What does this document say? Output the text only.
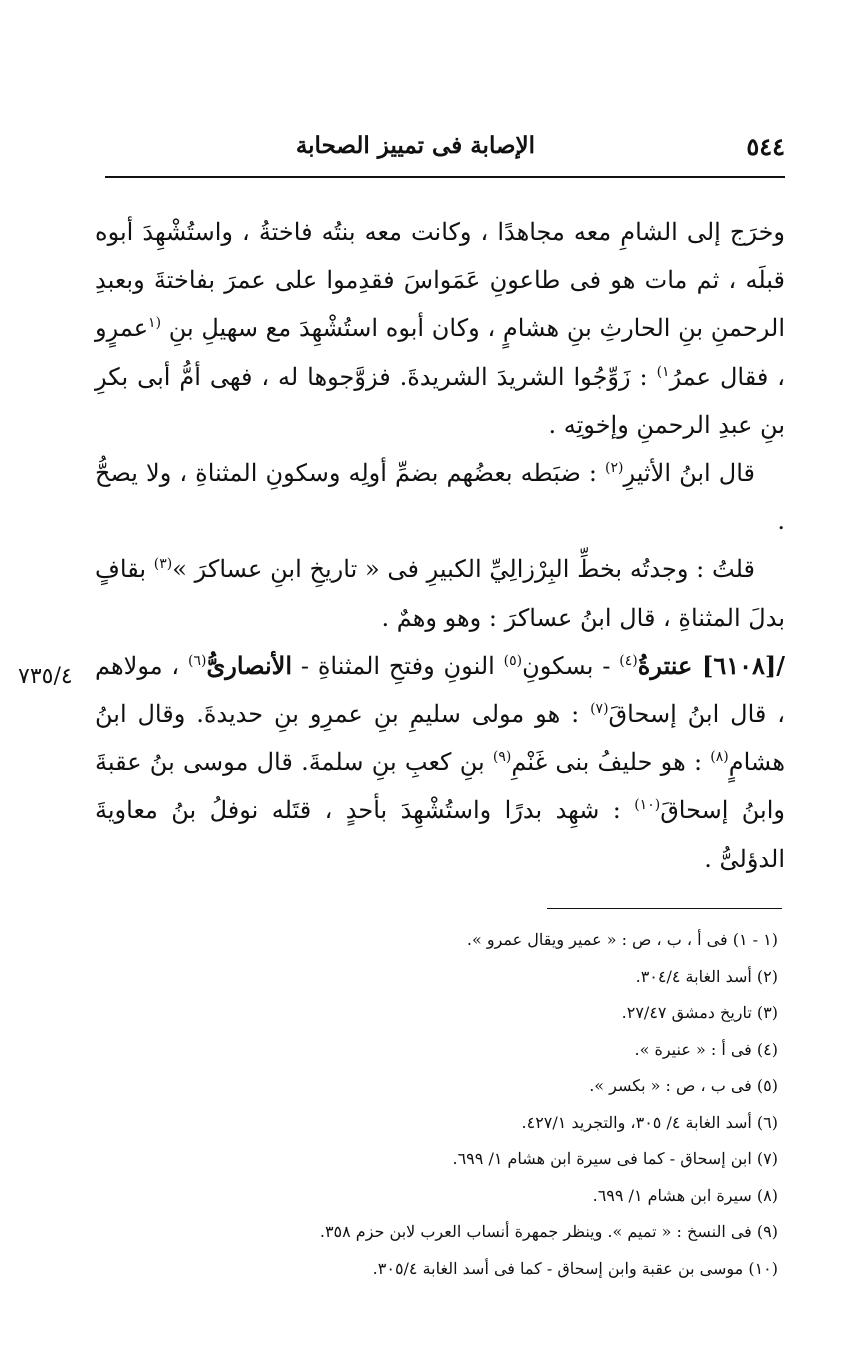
٥٤٤
الإصابة فى تمييز الصحابة

وخرَج إلى الشامِ معه مجاهدًا ، وكانت معه بنتُه فاختةُ ، واستُشْهِدَ أبوه قبلَه ، ثم مات هو فى طاعونِ عَمَواسَ فقدِموا على عمرَ بفاختةَ وبعبدِ الرحمنِ بنِ الحارثِ بنِ هشامٍ ، وكان أبوه استُشْهِدَ مع سهيلِ بنِ $^{(١}$عمرٍو ، فقال عمرُ$^{١)}$ : زَوِّجُوا الشريدَ الشريدةَ. فزوَّجوها له ، فهى أمُّ أبى بكرِ بنِ عبدِ الرحمنِ وإخوتِه .

قال ابنُ الأثيرِ$^{(٢)}$ : ضبَطه بعضُهم بضمِّ أولِه وسكونِ المثناةِ ، ولا يصحُّ .

قلتُ : وجدتُه بخطِّ البِرْزالِيِّ الكبيرِ فى « تاريخِ ابنِ عساكرَ »$^{(٣)}$ بقافٍ بدلَ المثناةِ ، قال ابنُ عساكرَ : وهو وهمٌ .

/[٦١٠٨] عنترةُ$^{(٤)}$ - بسكونِ$^{(٥)}$ النونِ وفتحِ المثناةِ - الأنصارىُّ$^{(٦)}$ ، مولاهم ، قال ابنُ إسحاقَ$^{(٧)}$ : هو مولى سليمِ بنِ عمرِو بنِ حديدةَ. وقال ابنُ هشامٍ$^{(٨)}$ : هو حليفُ بنى غَنْمِ$^{(٩)}$ بنِ كعبِ بنِ سلمةَ. قال موسى بنُ عقبةَ وابنُ إسحاقَ$^{(١٠)}$ : شهِد بدرًا واستُشْهِدَ بأحدٍ ، قتَله نوفلُ بنُ معاويةَ الدؤلىُّ .

٧٣٥/٤
(١ - ١) فى أ ، ب ، ص : « عمير ويقال عمرو ».
(٢) أسد الغابة ٣٠٤/٤.
(٣) تاريخ دمشق ٢٧/٤٧.
(٤) فى أ : « عنيرة ».
(٥) فى ب ، ص : « بكسر ».
(٦) أسد الغابة ٤/ ٣٠٥، والتجريد ٤٢٧/١.
(٧) ابن إسحاق - كما فى سيرة ابن هشام ١/ ٦٩٩.
(٨) سيرة ابن هشام ١/ ٦٩٩.
(٩) فى النسخ : « تميم ». وينظر جمهرة أنساب العرب لابن حزم ٣٥٨.
(١٠) موسى بن عقبة وابن إسحاق - كما فى أسد الغابة ٣٠٥/٤.
